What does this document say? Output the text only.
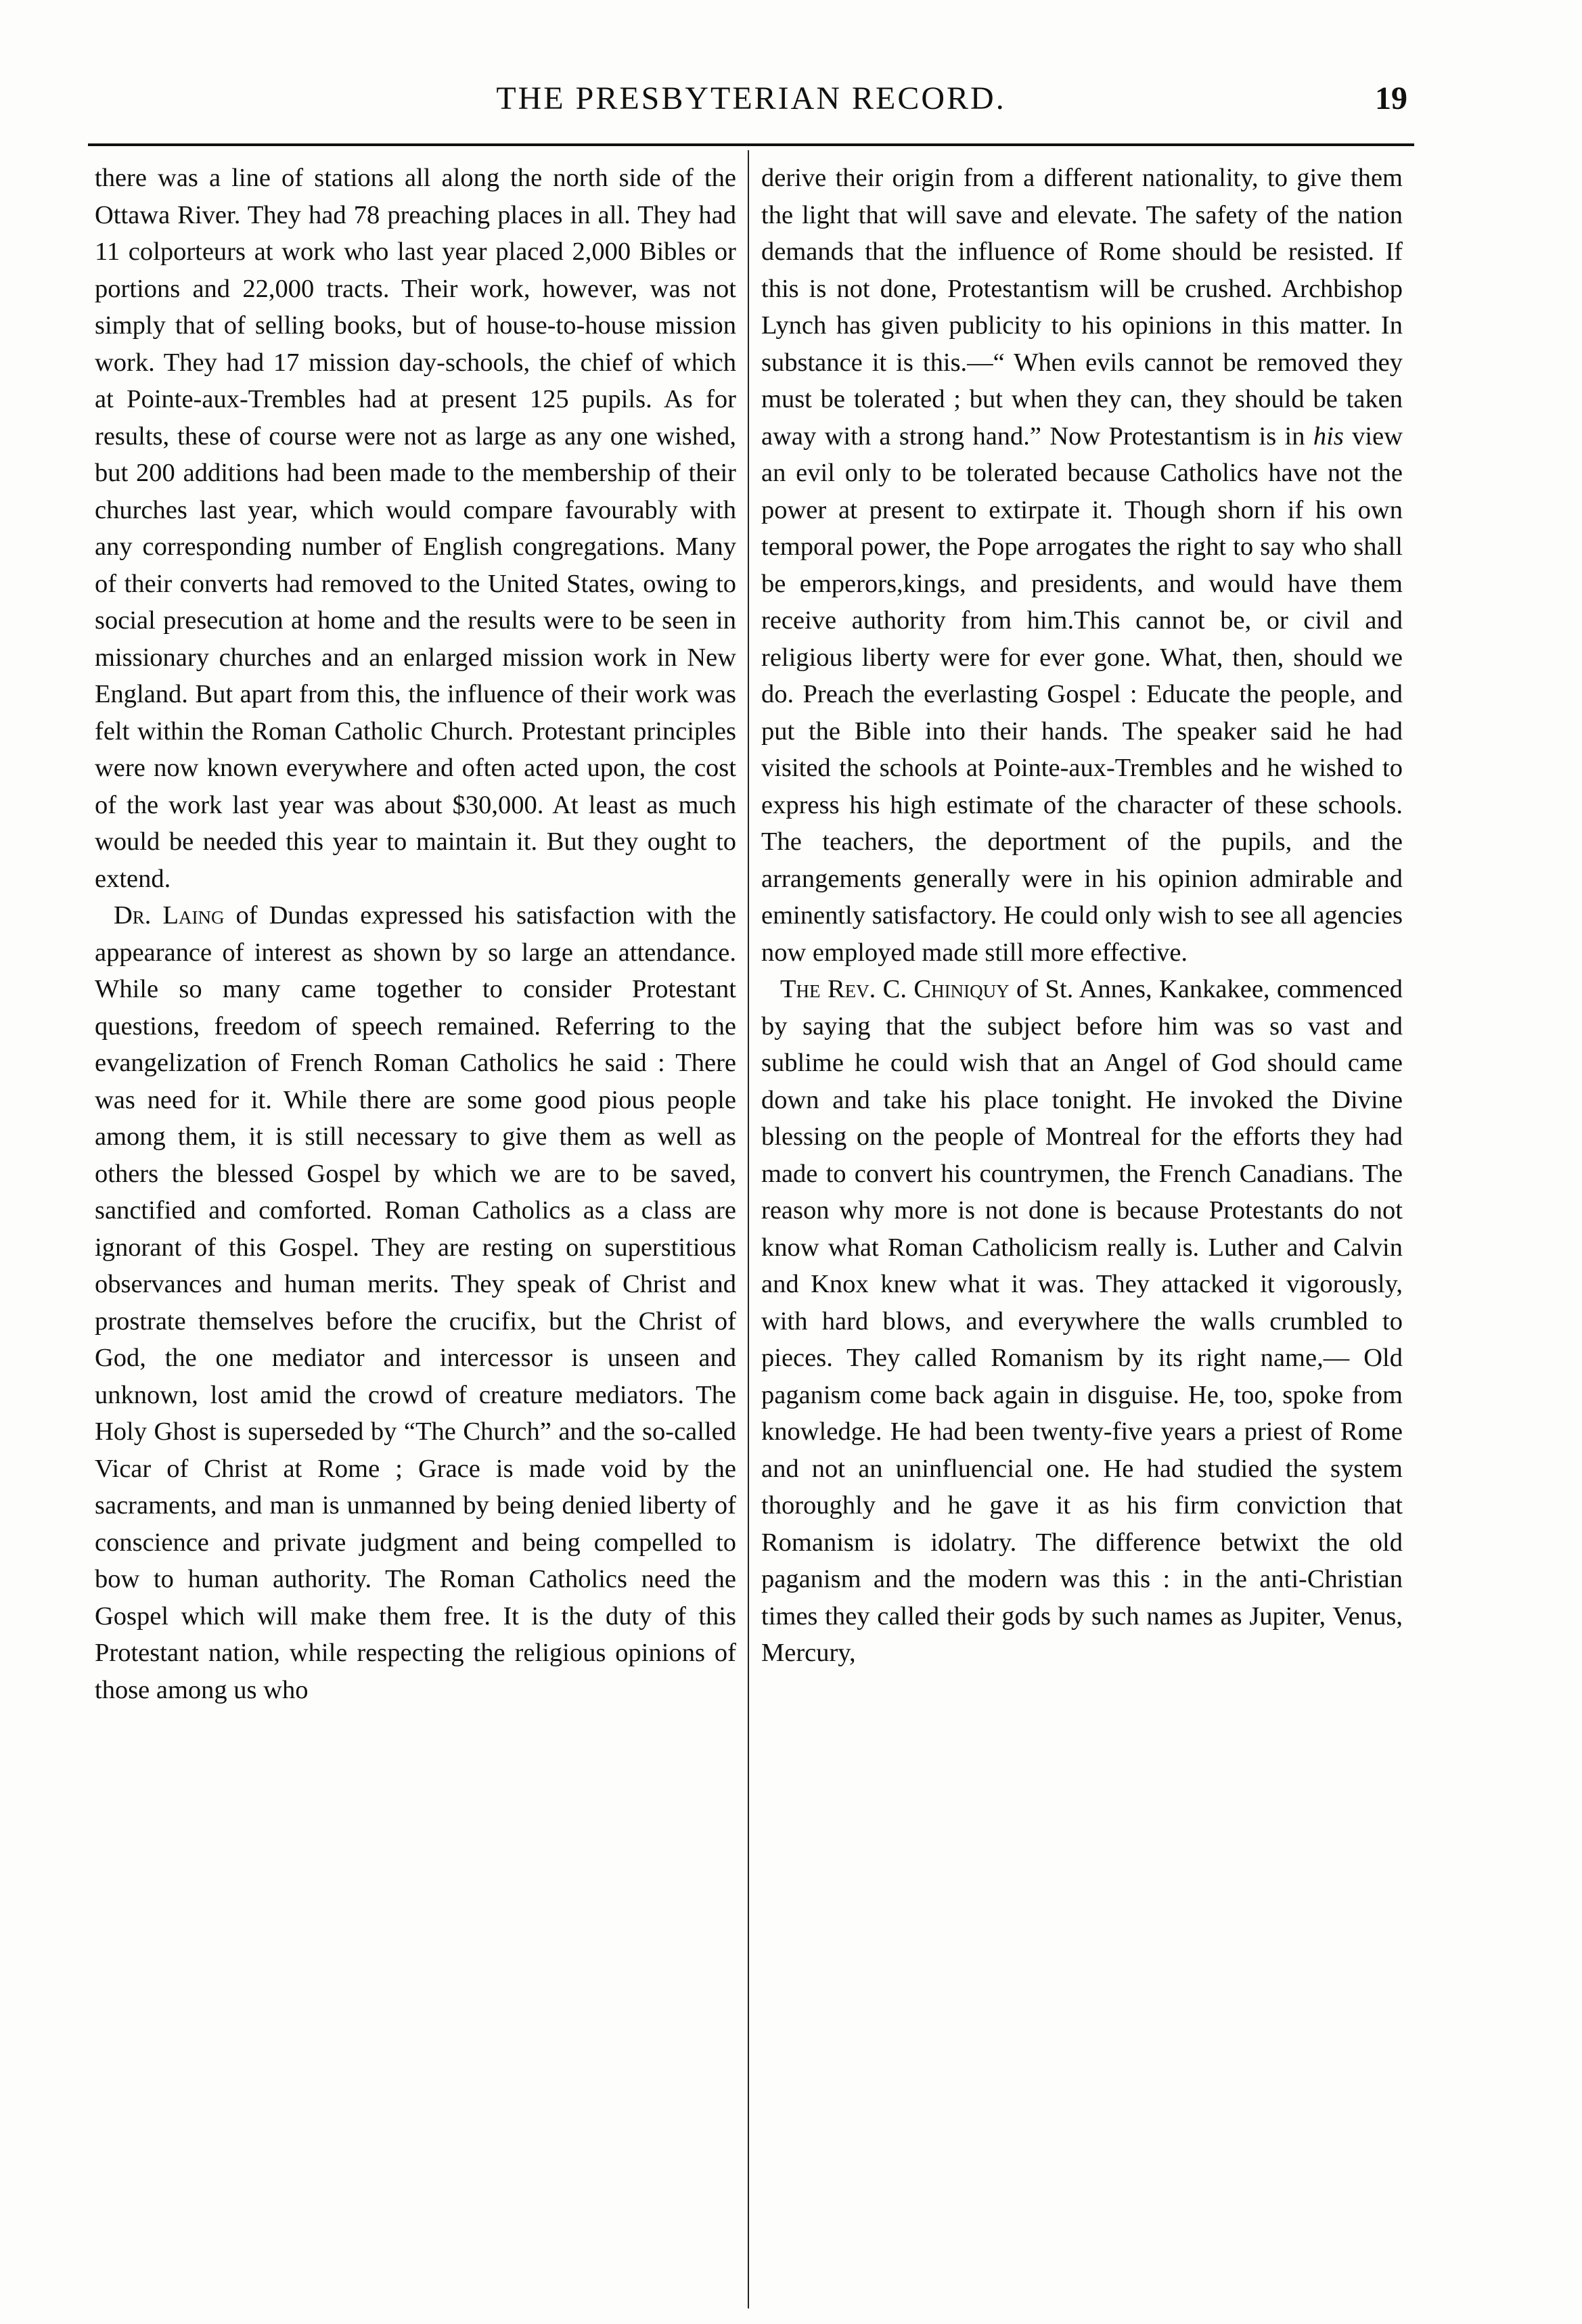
THE PRESBYTERIAN RECORD.	19

there was a line of stations all along the north side of the Ottawa River. They had 78 preaching places in all. They had 11 colporteurs at work who last year placed 2,000 Bibles or portions and 22,000 tracts. Their work, however, was not simply that of selling books, but of house-to-house mission work. They had 17 mission day-schools, the chief of which at Pointe-aux-Trembles had at present 125 pupils. As for results, these of course were not as large as any one wished, but 200 additions had been made to the membership of their churches last year, which would compare favourably with any corresponding number of English congregations. Many of their converts had removed to the United States, owing to social presecution at home and the results were to be seen in missionary churches and an enlarged mission work in New England. But apart from this, the influence of their work was felt within the Roman Catholic Church. Protestant principles were now known everywhere and often acted upon, the cost of the work last year was about $30,000. At least as much would be needed this year to maintain it. But they ought to extend.

Dr. Laing of Dundas expressed his satisfaction with the appearance of interest as shown by so large an attendance. While so many came together to consider Protestant questions, freedom of speech remained. Referring to the evangelization of French Roman Catholics he said : There was need for it. While there are some good pious people among them, it is still necessary to give them as well as others the blessed Gospel by which we are to be saved, sanctified and comforted. Roman Catholics as a class are ignorant of this Gospel. They are resting on superstitious observances and human merits. They speak of Christ and prostrate themselves before the crucifix, but the Christ of God, the one mediator and intercessor is unseen and unknown, lost amid the crowd of creature mediators. The Holy Ghost is superseded by “The Church” and the so-called Vicar of Christ at Rome ; Grace is made void by the sacraments, and man is unmanned by being denied liberty of conscience and private judgment and being compelled to bow to human authority. The Roman Catholics need the Gospel which will make them free. It is the duty of this Protestant nation, while respecting the religious opinions of those among us who

derive their origin from a different nationality, to give them the light that will save and elevate. The safety of the nation demands that the influence of Rome should be resisted. If this is not done, Protestantism will be crushed. Archbishop Lynch has given publicity to his opinions in this matter. In substance it is this.—“ When evils cannot be removed they must be tolerated ; but when they can, they should be taken away with a strong hand.” Now Protestantism is in his view an evil only to be tolerated because Catholics have not the power at present to extirpate it. Though shorn if his own temporal power, the Pope arrogates the right to say who shall be emperors,kings, and presidents, and would have them receive authority from him.This cannot be, or civil and religious liberty were for ever gone. What, then, should we do. Preach the everlasting Gospel : Educate the people, and put the Bible into their hands. The speaker said he had visited the schools at Pointe-aux-Trembles and he wished to express his high estimate of the character of these schools. The teachers, the deportment of the pupils, and the arrangements generally were in his opinion admirable and eminently satisfactory. He could only wish to see all agencies now employed made still more effective.

The Rev. C. Chiniquy of St. Annes, Kankakee, commenced by saying that the subject before him was so vast and sublime he could wish that an Angel of God should came down and take his place tonight. He invoked the Divine blessing on the people of Montreal for the efforts they had made to convert his countrymen, the French Canadians. The reason why more is not done is because Protestants do not know what Roman Catholicism really is. Luther and Calvin and Knox knew what it was. They attacked it vigorously, with hard blows, and everywhere the walls crumbled to pieces. They called Romanism by its right name,— Old paganism come back again in disguise. He, too, spoke from knowledge. He had been twenty-five years a priest of Rome and not an uninfluencial one. He had studied the system thoroughly and he gave it as his firm conviction that Romanism is idolatry. The difference betwixt the old paganism and the modern was this : in the anti-Christian times they called their gods by such names as Jupiter, Venus, Mercury,
